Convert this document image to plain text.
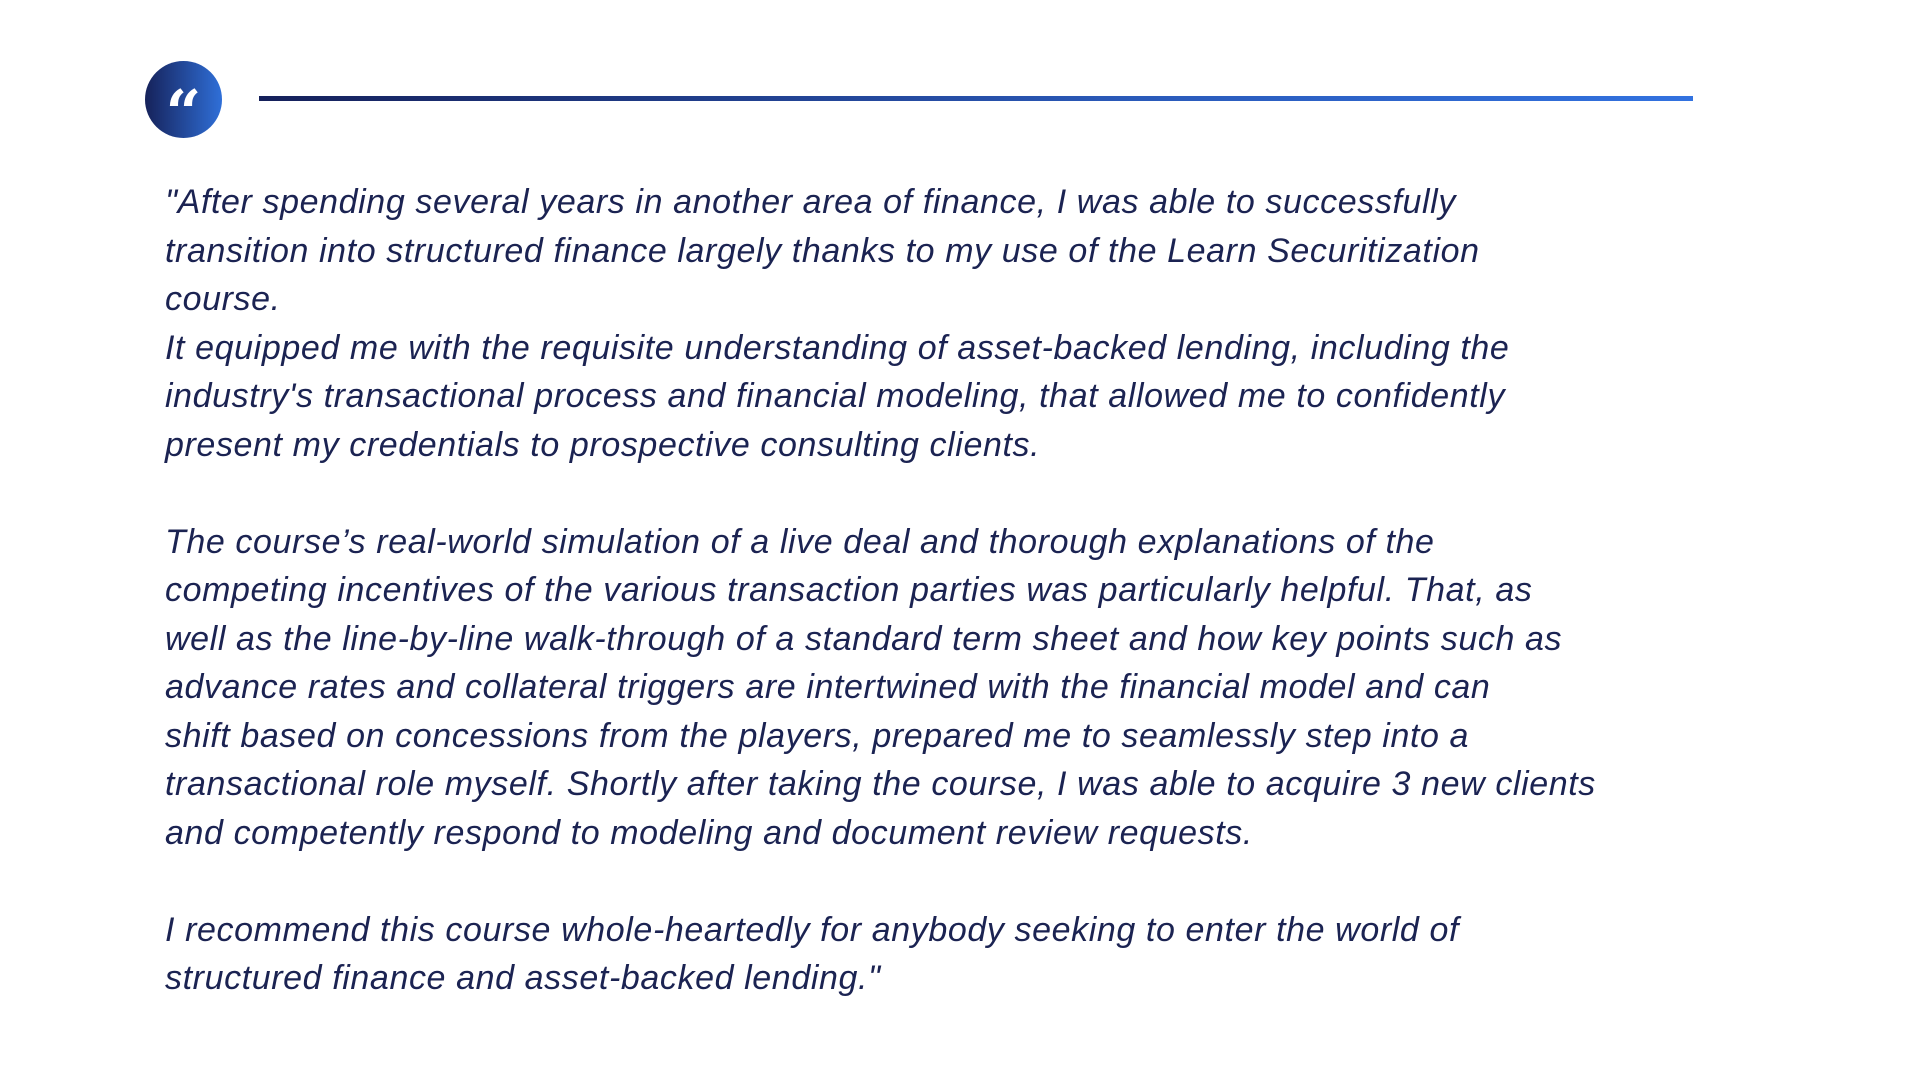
“
"After spending several years in another area of finance, I was able to successfully
transition into structured finance largely thanks to my use of the Learn Securitization
course.
It equipped me with the requisite understanding of asset-backed lending, including the
industry's transactional process and financial modeling, that allowed me to confidently
present my credentials to prospective consulting clients.
The course’s real-world simulation of a live deal and thorough explanations of the
competing incentives of the various transaction parties was particularly helpful. That, as
well as the line-by-line walk-through of a standard term sheet and how key points such as
advance rates and collateral triggers are intertwined with the financial model and can
shift based on concessions from the players, prepared me to seamlessly step into a
transactional role myself. Shortly after taking the course, I was able to acquire 3 new clients
and competently respond to modeling and document review requests.
I recommend this course whole-heartedly for anybody seeking to enter the world of
structured finance and asset-backed lending."
